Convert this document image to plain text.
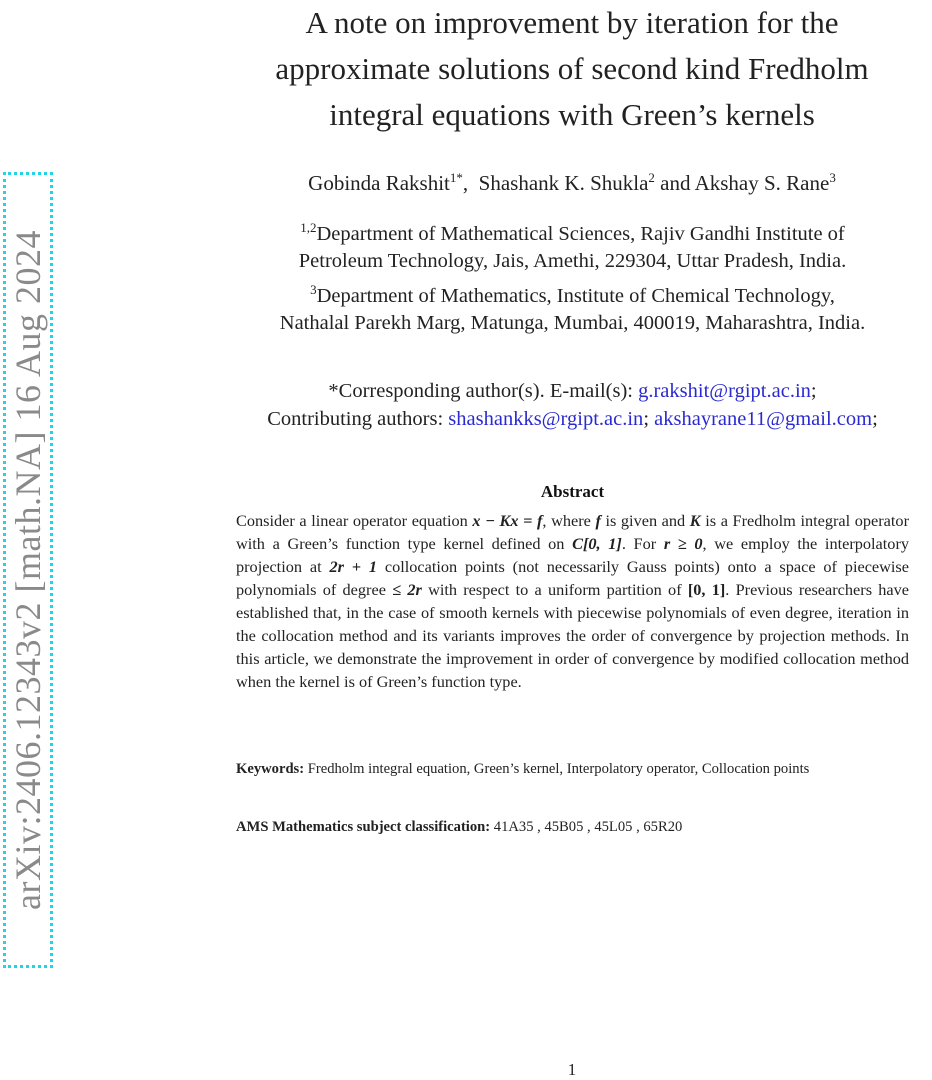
arXiv:2406.12343v2 [math.NA] 16 Aug 2024
A note on improvement by iteration for the
approximate solutions of second kind Fredholm
integral equations with Green’s kernels
Gobinda Rakshit$^{1*}$, Shashank K. Shukla$^2$ and Akshay S. Rane$^3$
$^{1,2}$Department of Mathematical Sciences, Rajiv Gandhi Institute of
Petroleum Technology, Jais, Amethi, 229304, Uttar Pradesh, India.
$^3$Department of Mathematics, Institute of Chemical Technology,
Nathalal Parekh Marg, Matunga, Mumbai, 400019, Maharashtra, India.
*Corresponding author(s). E-mail(s): g.rakshit@rgipt.ac.in;
Contributing authors: shashankks@rgipt.ac.in; akshayrane11@gmail.com;
Abstract
Consider a linear operator equation x − Kx = f, where f is given and K is a Fredholm integral operator with a Green’s function type kernel defined on C[0, 1]. For r ≥ 0, we employ the interpolatory projection at 2r + 1 collocation points (not necessarily Gauss points) onto a space of piecewise polynomials of degree ≤ 2r with respect to a uniform partition of [0, 1]. Previous researchers have established that, in the case of smooth kernels with piecewise polynomials of even degree, iteration in the collocation method and its variants improves the order of convergence by projection methods. In this article, we demonstrate the improvement in order of convergence by modified collocation method when the kernel is of Green’s function type.
Keywords: Fredholm integral equation, Green’s kernel, Interpolatory operator, Collocation points
AMS Mathematics subject classification: 41A35 , 45B05 , 45L05 , 65R20
1
